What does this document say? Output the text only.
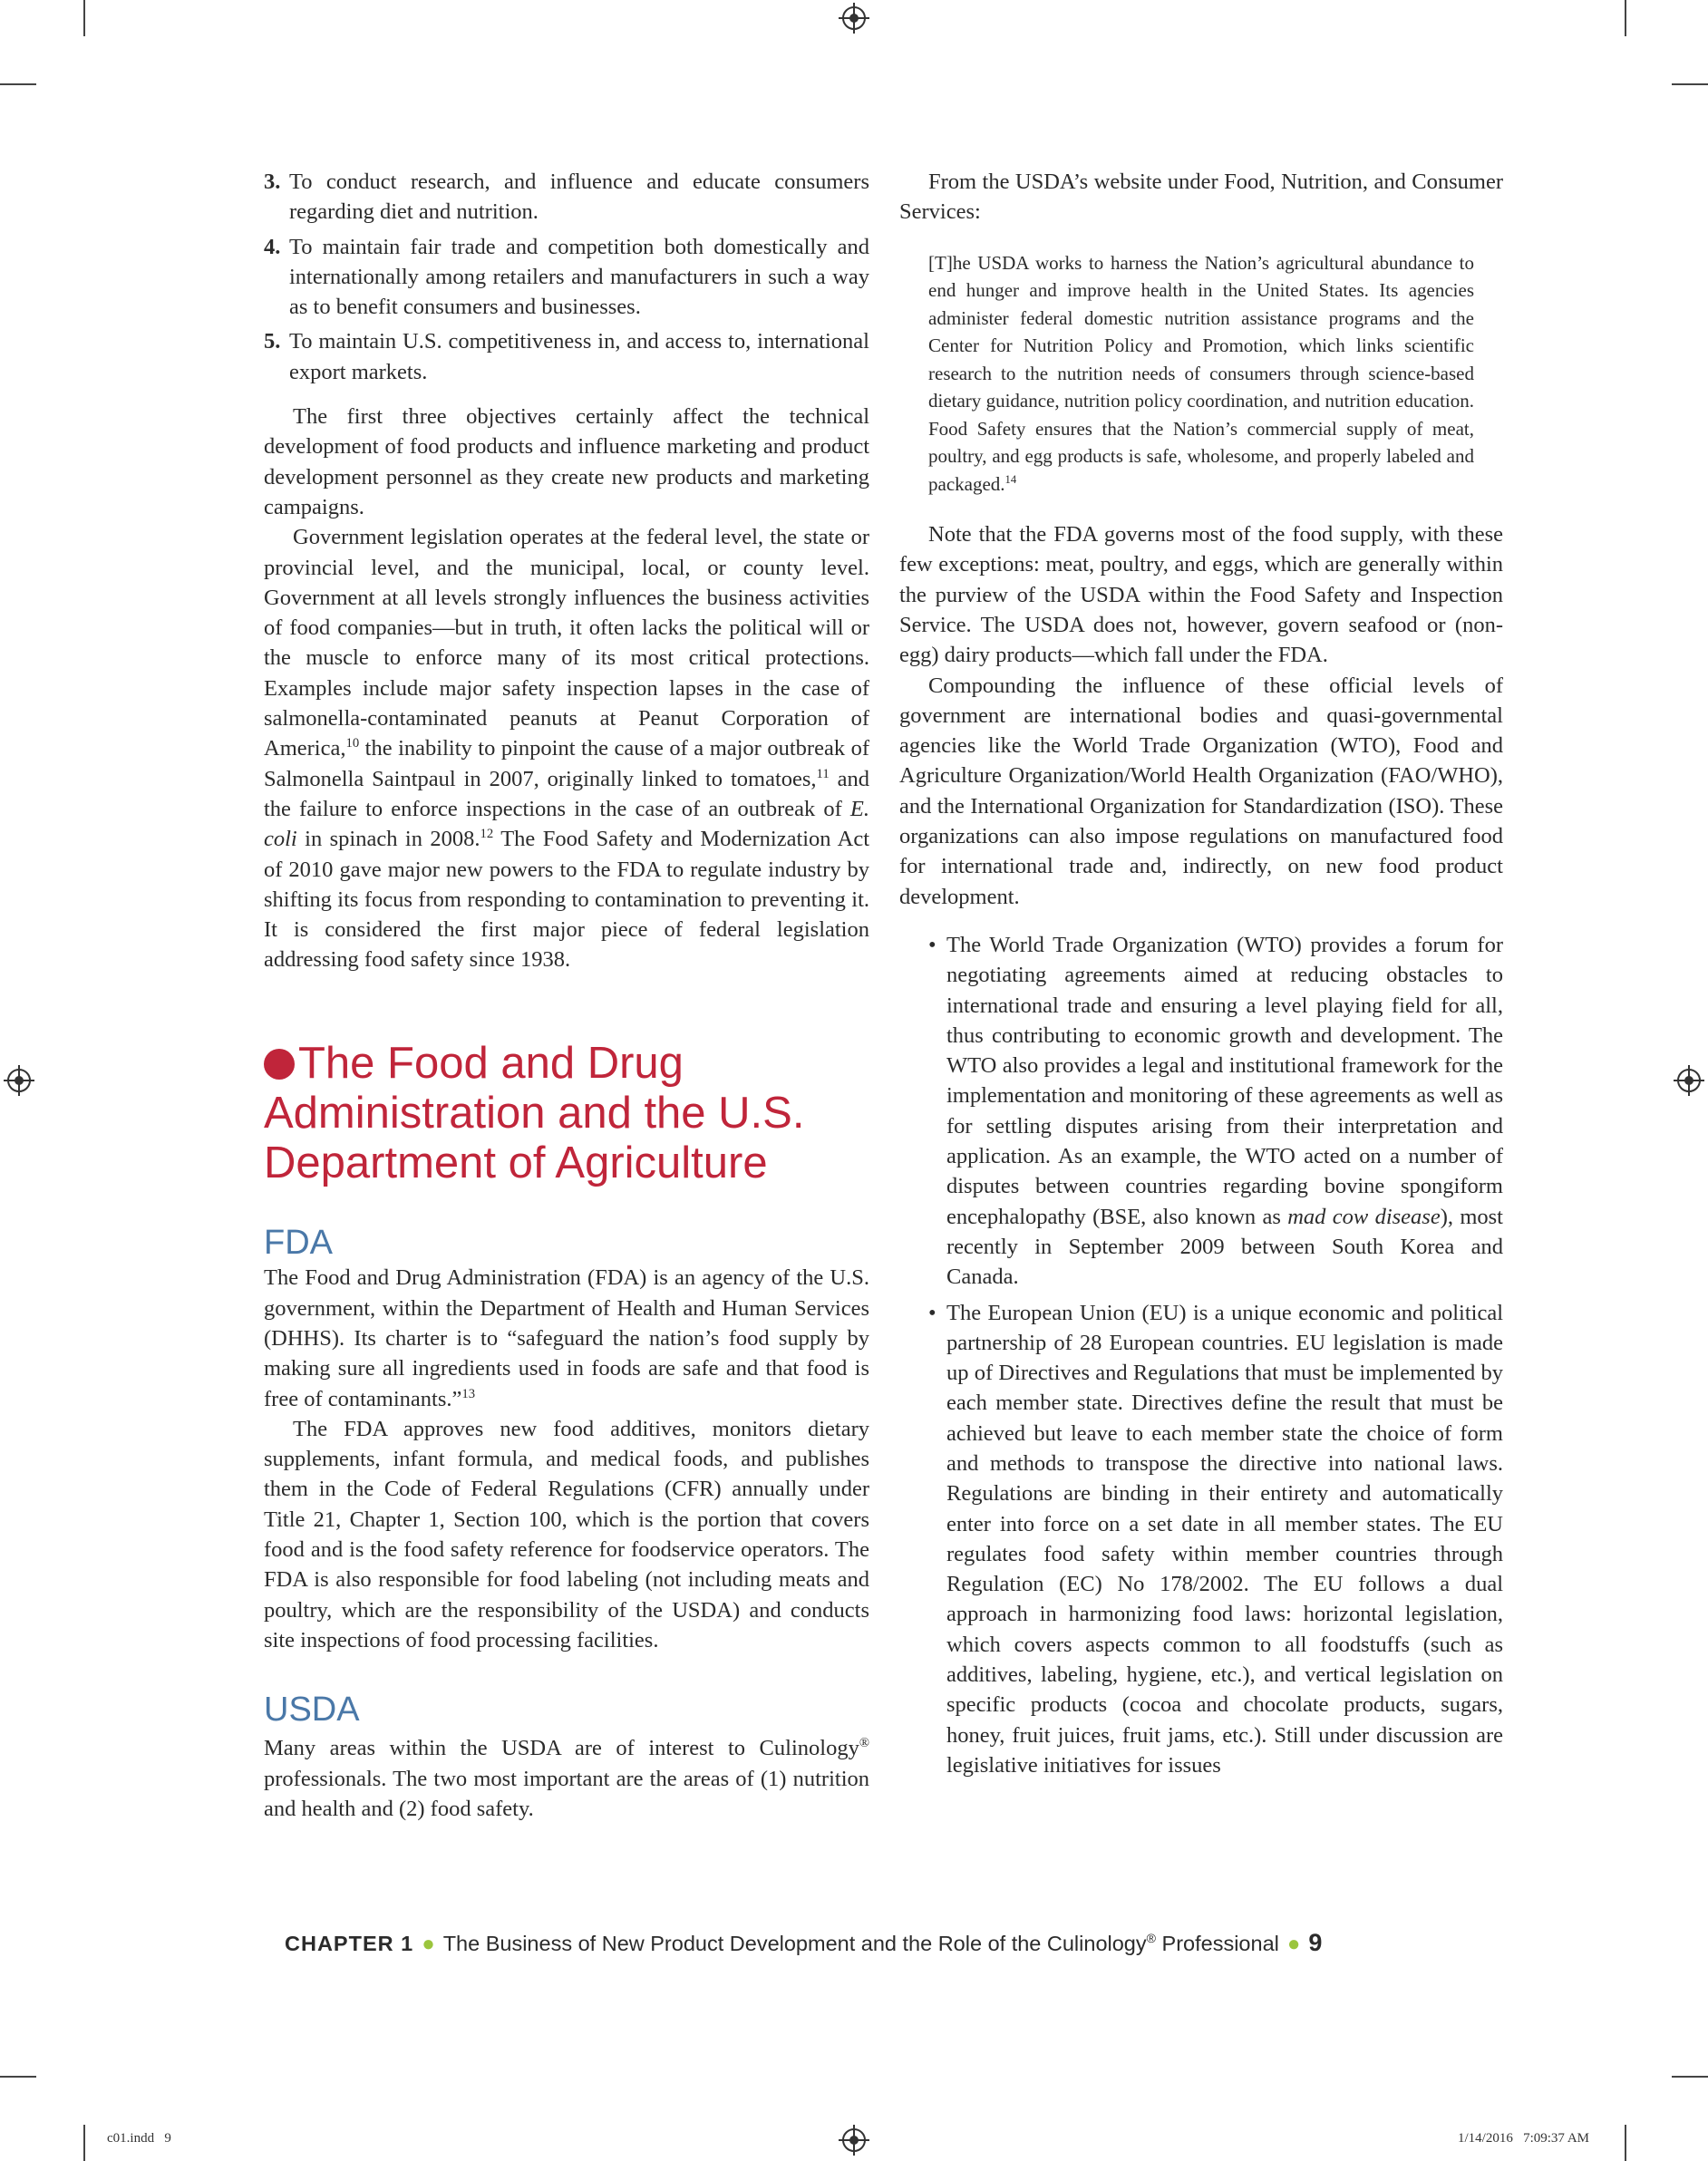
3. To conduct research, and influence and educate consumers regarding diet and nutrition.
4. To maintain fair trade and competition both domestically and internationally among retailers and manufacturers in such a way as to benefit consumers and businesses.
5. To maintain U.S. competitiveness in, and access to, international export markets.

The first three objectives certainly affect the technical development of food products and influence marketing and product development personnel as they create new products and marketing campaigns.

Government legislation operates at the federal level, the state or provincial level, and the municipal, local, or county level. Government at all levels strongly influences the business activities of food companies—but in truth, it often lacks the political will or the muscle to enforce many of its most critical protections. Examples include major safety inspection lapses in the case of salmonella-contaminated peanuts at Peanut Corporation of America,$^{10}$ the inability to pinpoint the cause of a major outbreak of Salmonella Saintpaul in 2007, originally linked to tomatoes,$^{11}$ and the failure to enforce inspections in the case of an outbreak of E. coli in spinach in 2008.12 The Food Safety and Modernization Act of 2010 gave major new powers to the FDA to regulate industry by shifting its focus from responding to contamination to preventing it. It is considered the first major piece of federal legislation addressing food safety since 1938.

The Food and Drug Administration and the U.S. Department of Agriculture
FDA

The Food and Drug Administration (FDA) is an agency of the U.S. government, within the Department of Health and Human Services (DHHS). Its charter is to “safeguard the nation’s food supply by making sure all ingredients used in foods are safe and that food is free of contaminants.”$^{13}$

The FDA approves new food additives, monitors dietary supplements, infant formula, and medical foods, and publishes them in the Code of Federal Regulations (CFR) annually under Title 21, Chapter 1, Section 100, which is the portion that covers food and is the food safety reference for foodservice operators. The FDA is also responsible for food labeling (not including meats and poultry, which are the responsibility of the USDA) and conducts site inspections of food processing facilities.

USDA

Many areas within the USDA are of interest to Culinology® professionals. The two most important are the areas of (1) nutrition and health and (2) food safety.

From the USDA’s website under Food, Nutrition, and Consumer Services:

[T]he USDA works to harness the Nation’s agricultural abundance to end hunger and improve health in the United States. Its agencies administer federal domestic nutrition assistance programs and the Center for Nutrition Policy and Promotion, which links scientific research to the nutrition needs of consumers through science-based dietary guidance, nutrition policy coordination, and nutrition education. Food Safety ensures that the Nation’s commercial supply of meat, poultry, and egg products is safe, wholesome, and properly labeled and packaged.$^{14}$

Note that the FDA governs most of the food supply, with these few exceptions: meat, poultry, and eggs, which are generally within the purview of the USDA within the Food Safety and Inspection Service. The USDA does not, however, govern seafood or (non-egg) dairy products—which fall under the FDA.

Compounding the influence of these official levels of government are international bodies and quasi-governmental agencies like the World Trade Organization (WTO), Food and Agriculture Organization/World Health Organization (FAO/WHO), and the International Organization for Standardization (ISO). These organizations can also impose regulations on manufactured food for international trade and, indirectly, on new food product development.

• The World Trade Organization (WTO) provides a forum for negotiating agreements aimed at reducing obstacles to international trade and ensuring a level playing field for all, thus contributing to economic growth and development. The WTO also provides a legal and institutional framework for the implementation and monitoring of these agreements as well as for settling disputes arising from their interpretation and application. As an example, the WTO acted on a number of disputes between countries regarding bovine spongiform encephalopathy (BSE, also known as mad cow disease), most recently in September 2009 between South Korea and Canada.
• The European Union (EU) is a unique economic and political partnership of 28 European countries. EU legislation is made up of Directives and Regulations that must be implemented by each member state. Directives define the result that must be achieved but leave to each member state the choice of form and methods to transpose the directive into national laws. Regulations are binding in their entirety and automatically enter into force on a set date in all member states. The EU regulates food safety within member countries through Regulation (EC) No 178/2002. The EU follows a dual approach in harmonizing food laws: horizontal legislation, which covers aspects common to all foodstuffs (such as additives, labeling, hygiene, etc.), and vertical legislation on specific products (cocoa and chocolate products, sugars, honey, fruit juices, fruit jams, etc.). Still under discussion are legislative initiatives for issues
CHAPTER 1 ● The Business of New Product Development and the Role of the Culinology® Professional ● 9
c01.indd   9	1/14/2016   7:09:37 AM
